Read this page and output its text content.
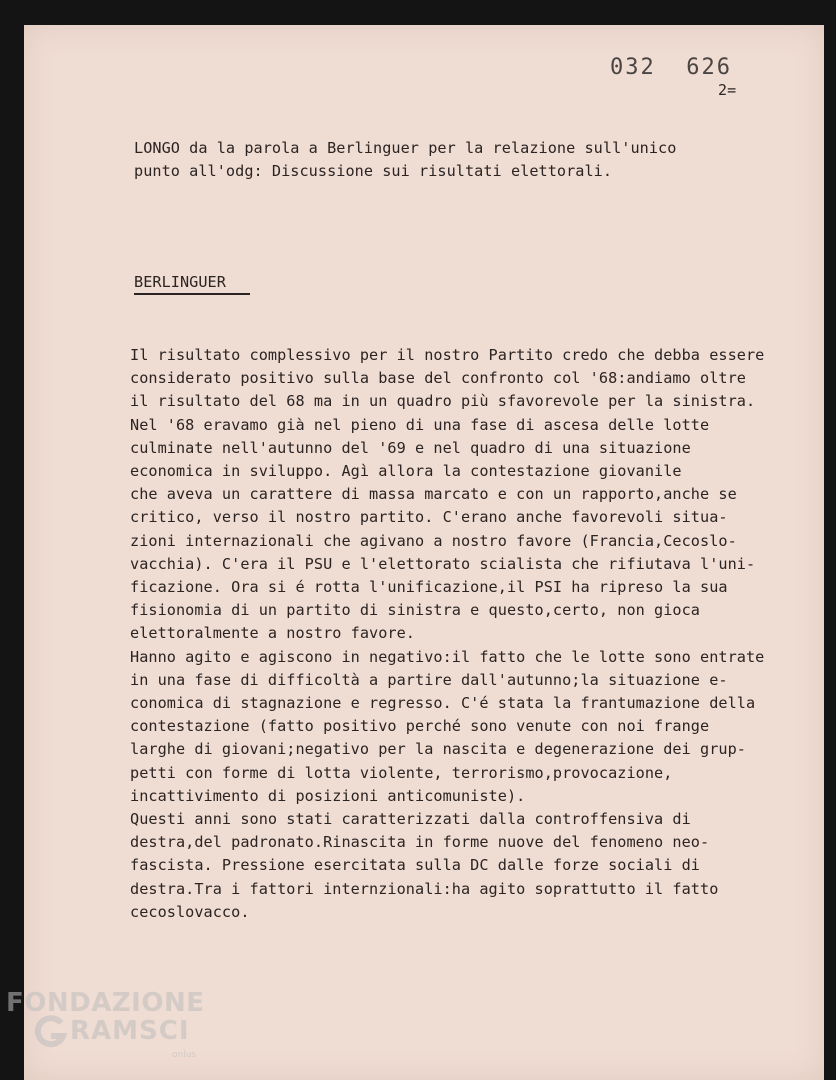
032  626
2=
LONGO da la parola a Berlinguer per la relazione sull'unico
punto all'odg: Discussione sui risultati elettorali.
BERLINGUER
Il risultato complessivo per il nostro Partito credo che debba essere
considerato positivo sulla base del confronto col '68:andiamo oltre
il risultato del 68 ma in un quadro più sfavorevole per la sinistra.
Nel '68 eravamo già nel pieno di una fase di ascesa delle lotte
culminate nell'autunno del '69 e nel quadro di una situazione
economica in sviluppo. Agì allora la contestazione giovanile
che aveva un carattere di massa marcato e con un rapporto,anche se
critico, verso il nostro partito. C'erano anche favorevoli situa-
zioni internazionali che agivano a nostro favore (Francia,Cecoslo-
vacchia). C'era il PSU e l'elettorato scialista che rifiutava l'uni-
ficazione. Ora si é rotta l'unificazione,il PSI ha ripreso la sua
fisionomia di un partito di sinistra e questo,certo, non gioca
elettoralmente a nostro favore.
Hanno agito e agiscono in negativo:il fatto che le lotte sono entrate
in una fase di difficoltà a partire dall'autunno;la situazione e-
conomica di stagnazione e regresso. C'é stata la frantumazione della
contestazione (fatto positivo perché sono venute con noi frange
larghe di giovani;negativo per la nascita e degenerazione dei grup-
petti con forme di lotta violente, terrorismo,provocazione,
incattivimento di posizioni anticomuniste).
Questi anni sono stati caratterizzati dalla controffensiva di
destra,del padronato.Rinascita in forme nuove del fenomeno neo-
fascista. Pressione esercitata sulla DC dalle forze sociali di
destra.Tra i fattori internzionali:ha agito soprattutto il fatto
cecoslovacco.
FONDAZIONE
RAMSCI
onlus
